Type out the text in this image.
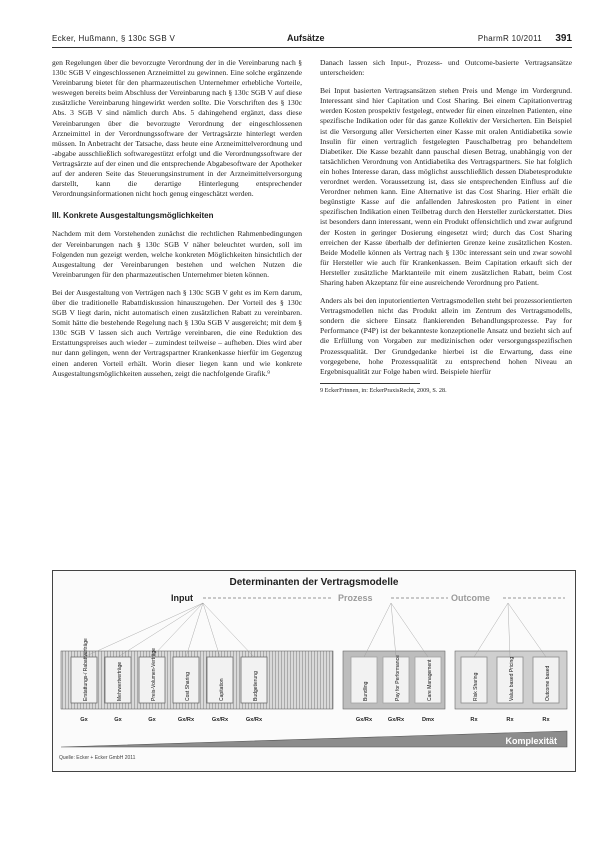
Ecker, Hußmann, § 130c SGB V	Aufsätze	PharmR 10/2011 391

gen Regelungen über die bevorzugte Verordnung der in die Vereinbarung nach § 130c SGB V eingeschlossenen Arzneimittel zu gewinnen. Eine solche ergänzende Vereinbarung bietet für den pharmazeutischen Unternehmer erhebliche Vorteile, weswegen bereits beim Abschluss der Vereinbarung nach § 130c SGB V auf diese zusätzliche Vereinbarung hingewirkt werden sollte. Die Vorschriften des § 130c Abs. 3 SGB V sind nämlich durch Abs. 5 dahingehend ergänzt, dass diese Vereinbarungen über die bevorzugte Verordnung der eingeschlossenen Arzneimittel in der Verordnungssoftware der Vertragsärzte hinterlegt werden müssen. In Anbetracht der Tatsache, dass heute eine Arzneimittelverordnung und -abgabe ausschließlich softwaregestützt erfolgt und die Verordnungssoftware der Vertragsärzte auf der einen und die entsprechende Abgabesoftware der Apotheker auf der anderen Seite das Steuerungsinstrument in der Arzneimittelversorgung darstellt, kann die derartige Hinterlegung entsprechender Verordnungsinformationen nicht hoch genug eingeschätzt werden.

III. Konkrete Ausgestaltungsmöglichkeiten

Nachdem mit dem Vorstehenden zunächst die rechtlichen Rahmenbedingungen der Vereinbarungen nach § 130c SGB V näher beleuchtet wurden, soll im Folgenden nun gezeigt werden, welche konkreten Möglichkeiten hinsichtlich der Ausgestaltung der Vereinbarungen bestehen und welchen Nutzen die Vereinbarungen für den pharmazeutischen Unternehmer bieten können.

Bei der Ausgestaltung von Verträgen nach § 130c SGB V geht es im Kern darum, über die traditionelle Rabattdiskussion hinauszugehen. Der Vorteil des § 130c SGB V liegt darin, nicht automatisch einen zusätzlichen Rabatt zu vereinbaren. Somit hätte die bestehende Regelung nach § 130a SGB V ausgereicht; mit dem § 130c SGB V lassen sich auch Verträge vereinbaren, die eine Reduktion des Erstattungspreises auch wieder – zumindest teilweise – aufheben. Dies wird aber nur dann gelingen, wenn der Vertragspartner Krankenkasse hierfür im Gegenzug einen anderen Vorteil erhält. Worin dieser liegen kann und wie konkrete Ausgestaltungsmöglichkeiten aussehen, zeigt die nachfolgende Grafik.⁹

Danach lassen sich Input-, Prozess- und Outcome-basierte Vertragsansätze unterscheiden:

Bei Input basierten Vertragsansätzen stehen Preis und Menge im Vordergrund. Interessant sind hier Capitation und Cost Sharing. Bei einem Capitationvertrag werden Kosten prospektiv festgelegt, entweder für einen einzelnen Patienten, eine spezifische Indikation oder für das ganze Kollektiv der Versicherten. Ein Beispiel ist die Versorgung aller Versicherten einer Kasse mit oralen Antidiabetika sowie Insulin für einen vertraglich festgelegten Pauschalbetrag pro behandeltem Diabetiker. Die Kasse bezahlt dann pauschal diesen Betrag, unabhängig von der tatsächlichen Verordnung von Antidiabetika des Vertragspartners. Sie hat folglich ein hohes Interesse daran, dass möglichst ausschließlich dessen Diabetesprodukte verordnet werden. Voraussetzung ist, dass sie entsprechenden Einfluss auf die Verordner nehmen kann. Eine Alternative ist das Cost Sharing. Hier erhält die begünstigte Kasse auf die anfallenden Jahreskosten pro Patient in einer spezifischen Indikation einen Teilbetrag durch den Hersteller zurückerstattet. Dies ist besonders dann interessant, wenn ein Produkt offensichtlich und zwar aufgrund der Kosten in geringer Dosierung eingesetzt wird; durch das Cost Sharing erreichen der Kasse überhalb der definierten Grenze keine zusätzlichen Kosten. Beide Modelle können als Vertrag nach § 130c interessant sein und zwar sowohl für Hersteller wie auch für Krankenkassen. Beim Capitation erkauft sich der Hersteller zusätzliche Marktanteile mit einem zusätzlichen Rabatt, beim Cost Sharing haben Akzeptanz für eine ausreichende Verordnung pro Patient.

Anders als bei den inputorientierten Vertragsmodellen steht bei prozessorientierten Vertragsmodellen nicht das Produkt allein im Zentrum des Vertragsmodells, sondern die sichere Einsatz flankierenden Behandlungsprozesse. Pay for Performance (P4P) ist der bekannteste konzeptionelle Ansatz und bezieht sich auf die Erfüllung von Vorgaben zur medizinischen oder versorgungsspezifischen Prozessqualität. Der Grundgedanke hierbei ist die Erwartung, dass eine vorgegebene, hohe Prozessqualität zu entsprechend hohen Niveau an Ergebnisqualität zur Folge haben wird. Beispiele hierfür

9 EckerFrinnen, in: EckerPraxisRecht, 2009, S. 28.
Erstattungs-/ Rabattverträge
Gx
Mehrwertverträge
Gx
Preis-Volumen-Verträge
Gx
Cost Sharing
Gx/Rx
Capitation
Gx/Rx
Budgetierung
Gx/Rx
Bundling
Gx/Rx
Pay for Performance
Gx/Rx
Care Management
Dmx
Risk Sharing
Rx
Value based Pricing
Rx
Outcome based
Rx
Komplexität
Determinanten der Vertragsmodelle
Input	Prozess	Outcome
Quelle: Ecker + Ecker GmbH 2011
